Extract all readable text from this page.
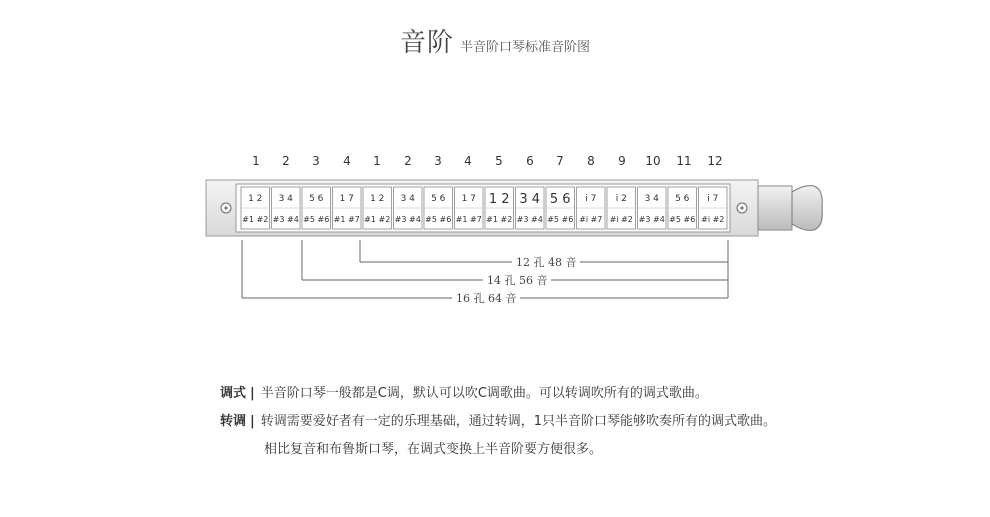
音阶 半音阶口琴标准音阶图
1	2	3	4	1	2	3	4	5	6	7	8	9	10	11	12
1 2
#1 #2
3 4
#3 #4
5 6
#5 #6
1 7
#1 #7
1 2
#1 #2
3 4
#3 #4
5 6
#5 #6
1 7
#1 #7
1 2
#1 #2
3 4
#3 #4
5 6
#5 #6
i 7
#i #7
i 2
#i #2
3 4
#3 #4
5 6
#5 #6
i 7
#i #2
12 孔 48 音
14 孔 56 音
16 孔 64 音
调式 | 半音阶口琴一般都是C调，默认可以吹C调歌曲。可以转调吹所有的调式歌曲。
转调 | 转调需要爱好者有一定的乐理基础，通过转调，1只半音阶口琴能够吹奏所有的调式歌曲。
相比复音和布鲁斯口琴，在调式变换上半音阶要方便很多。
